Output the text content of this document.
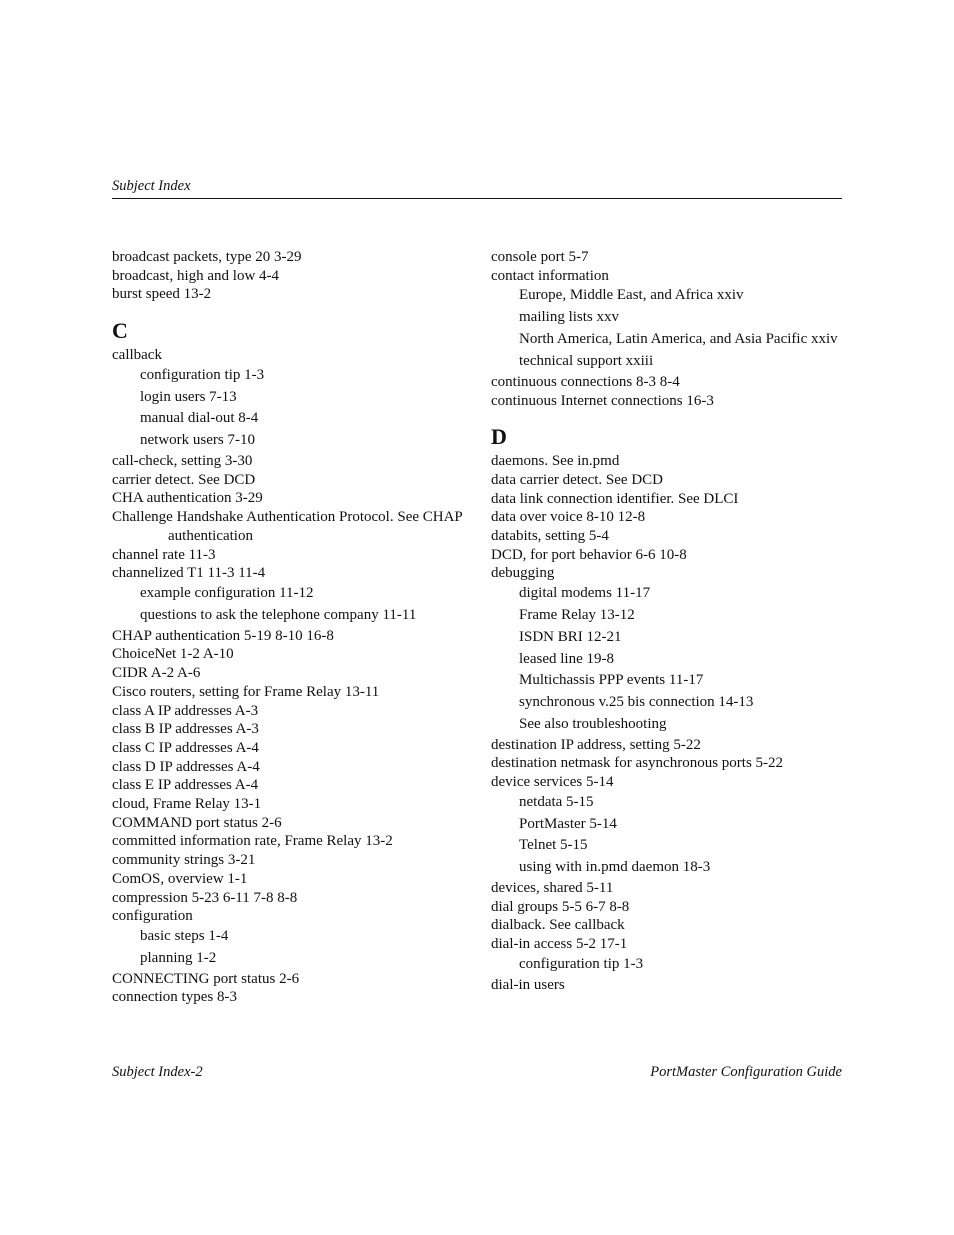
Subject Index
broadcast packets, type 20 3-29
broadcast, high and low 4-4
burst speed 13-2
C
callback
configuration tip 1-3
login users 7-13
manual dial-out 8-4
network users 7-10
call-check, setting 3-30
carrier detect. See DCD
CHA authentication 3-29
Challenge Handshake Authentication Protocol. See CHAP authentication
channel rate 11-3
channelized T1 11-3 11-4
example configuration 11-12
questions to ask the telephone company 11-11
CHAP authentication 5-19 8-10 16-8
ChoiceNet 1-2 A-10
CIDR A-2 A-6
Cisco routers, setting for Frame Relay 13-11
class A IP addresses A-3
class B IP addresses A-3
class C IP addresses A-4
class D IP addresses A-4
class E IP addresses A-4
cloud, Frame Relay 13-1
COMMAND port status 2-6
committed information rate, Frame Relay 13-2
community strings 3-21
ComOS, overview 1-1
compression 5-23 6-11 7-8 8-8
configuration
basic steps 1-4
planning 1-2
CONNECTING port status 2-6
connection types 8-3
console port 5-7
contact information
Europe, Middle East, and Africa xxiv
mailing lists xxv
North America, Latin America, and Asia Pacific xxiv
technical support xxiii
continuous connections 8-3 8-4
continuous Internet connections 16-3
D
daemons. See in.pmd
data carrier detect. See DCD
data link connection identifier. See DLCI
data over voice 8-10 12-8
databits, setting 5-4
DCD, for port behavior 6-6 10-8
debugging
digital modems 11-17
Frame Relay 13-12
ISDN BRI 12-21
leased line 19-8
Multichassis PPP events 11-17
synchronous v.25 bis connection 14-13
See also troubleshooting
destination IP address, setting 5-22
destination netmask for asynchronous ports 5-22
device services 5-14
netdata 5-15
PortMaster 5-14
Telnet 5-15
using with in.pmd daemon 18-3
devices, shared 5-11
dial groups 5-5 6-7 8-8
dialback. See callback
dial-in access 5-2 17-1
configuration tip 1-3
dial-in users
Subject Index-2	PortMaster Configuration Guide
